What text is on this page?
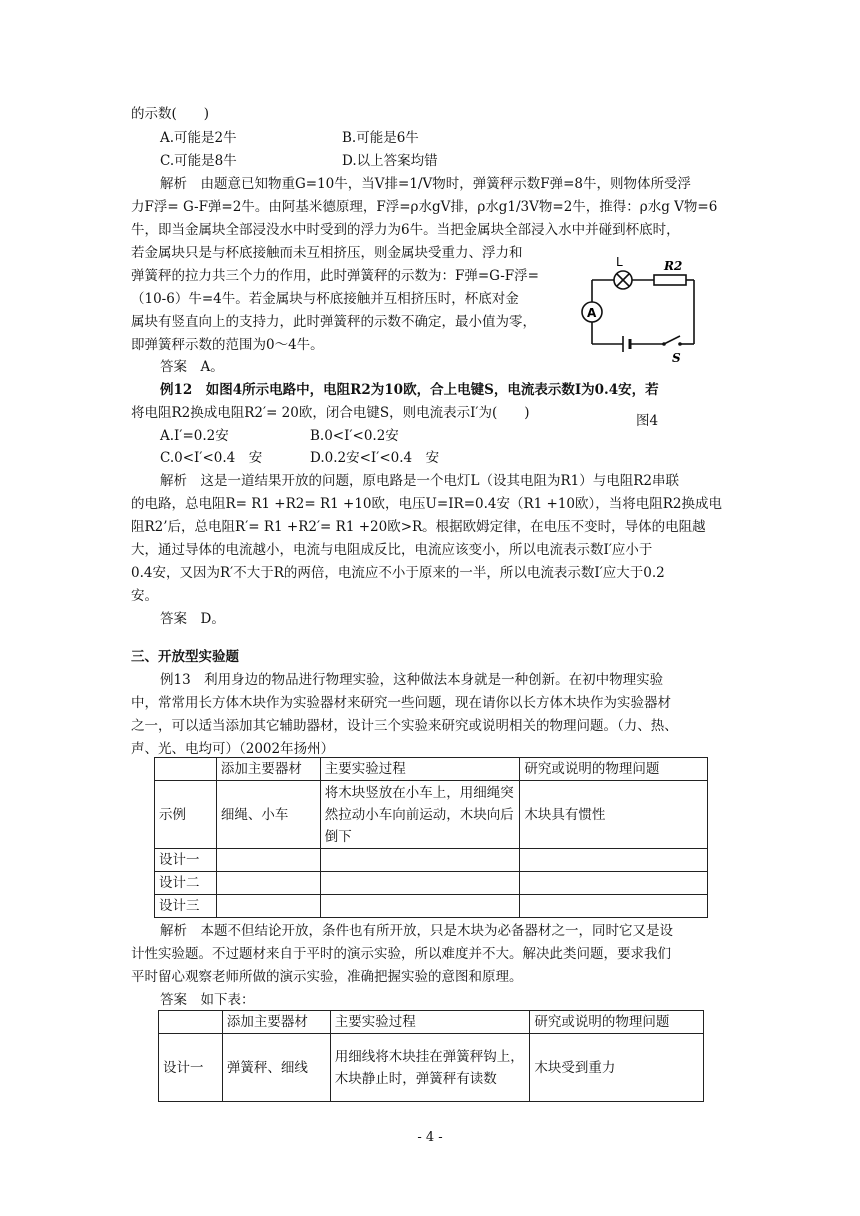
的示数(　　)
A.可能是2牛	B.可能是6牛
C.可能是8牛	D.以上答案均错
解析　由题意已知物重G=10牛，当V排=1/V物时，弹簧秤示数F弹=8牛，则物体所受浮
力F浮= G-F弹=2牛。由阿基米德原理，F浮=ρ水gV排，ρ水g1/3V物=2牛，推得：ρ水g V物=6
牛，即当金属块全部浸没水中时受到的浮力为6牛。当把金属块全部浸入水中并碰到杯底时，
若金属块只是与杯底接触而未互相挤压，则金属块受重力、浮力和
弹簧秤的拉力共三个力的作用，此时弹簧秤的示数为：F弹=G-F浮=
（10-6）牛=4牛。若金属块与杯底接触并互相挤压时，杯底对金
属块有竖直向上的支持力，此时弹簧秤的示数不确定，最小值为零，
即弹簧秤示数的范围为0～4牛。
答案　A。
L	R2
A
S
例12　如图4所示电路中，电阻R2为10欧，合上电键S，电流表示数I为0.4安，若
将电阻R2换成电阻R2′= 20欧，闭合电键S，则电流表示I′为(　　)	图4
A.I′=0.2安	B.0<I′<0.2安
C.0<I′<0.4　安	D.0.2安<I′<0.4　安
解析　这是一道结果开放的问题，原电路是一个电灯L（设其电阻为R1）与电阻R2串联
的电路，总电阻R= R1 +R2= R1 +10欧，电压U=IR=0.4安（R1 +10欧），当将电阻R2换成电
阻R2’后，总电阻R′= R1 +R2′= R1 +20欧>R。根据欧姆定律，在电压不变时，导体的电阻越
大，通过导体的电流越小，电流与电阻成反比，电流应该变小，所以电流表示数I′应小于
0.4安，又因为R′不大于R的两倍，电流应不小于原来的一半，所以电流表示数I′应大于0.2
安。
答案　D。
三、开放型实验题
例13　利用身边的物品进行物理实验，这种做法本身就是一种创新。在初中物理实验
中，常常用长方体木块作为实验器材来研究一些问题，现在请你以长方体木块作为实验器材
之一，可以适当添加其它辅助器材，设计三个实验来研究或说明相关的物理问题。（力、热、
声、光、电均可）（2002年扬州）
	添加主要器材	主要实验过程	研究或说明的物理问题
示例	细绳、小车	将木块竖放在小车上，用细绳突然拉动小车向前运动，木块向后倒下	木块具有惯性
设计一			
设计二			
设计三			
解析　本题不但结论开放，条件也有所开放，只是木块为必备器材之一，同时它又是设
计性实验题。不过题材来自于平时的演示实验，所以难度并不大。解决此类问题，要求我们
平时留心观察老师所做的演示实验，准确把握实验的意图和原理。
答案　如下表：
	添加主要器材	主要实验过程	研究或说明的物理问题
设计一	弹簧秤、细线	用细线将木块挂在弹簧秤钩上，木块静止时，弹簧秤有读数	木块受到重力
- 4 -
